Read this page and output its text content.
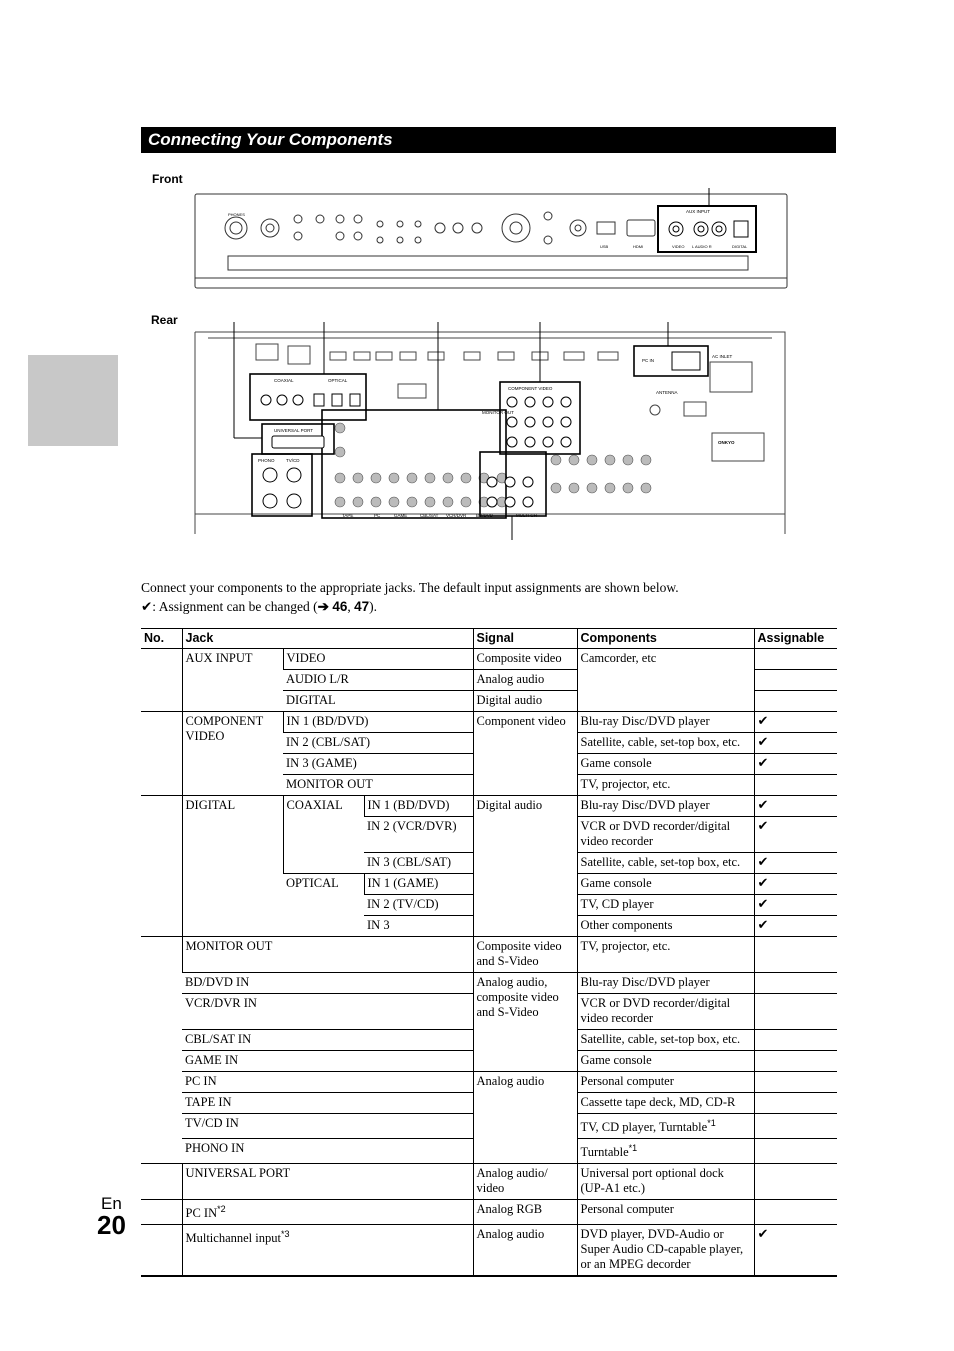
Connecting Your Components
Front
Rear
AUX INPUT
VIDEO L AUDIO R	DIGITAL
HDMI
USB
PHONES
PC IN
AC INLET
ANTENNA
COMPONENT VIDEO
COAXIAL	OPTICAL
UNIVERSAL PORT
PHONO	TV/CD
ONKYO
TAPE	PC	GAME	CBL/SAT VCR/DVR BD/DVD
MONITOR OUT
MULTI CH
Connect your components to the appropriate jacks. The default input assignments are shown below.
✔: Assignment can be changed (➔ 46, 47).
No.	Jack			Signal	Components	Assignable
	AUX INPUT	VIDEO		Composite video	Camcorder, etc	
		AUDIO L/R		Analog audio		
		DIGITAL		Digital audio		
	COMPONENT VIDEO	IN 1 (BD/DVD)		Component video	Blu-ray Disc/DVD player	✔
		IN 2 (CBL/SAT)			Satellite, cable, set-top box, etc.	✔
		IN 3 (GAME)			Game console	✔
		MONITOR OUT			TV, projector, etc.	
	DIGITAL	COAXIAL	IN 1 (BD/DVD)	Digital audio	Blu-ray Disc/DVD player	✔
			IN 2 (VCR/DVR)		VCR or DVD recorder/digital video recorder	✔
			IN 3 (CBL/SAT)		Satellite, cable, set-top box, etc.	✔
		OPTICAL	IN 1 (GAME)		Game console	✔
			IN 2 (TV/CD)		TV, CD player	✔
			IN 3		Other components	✔
	MONITOR OUT			Composite video and S-Video	TV, projector, etc.	
	BD/DVD IN			Analog audio, composite video and S-Video	Blu-ray Disc/DVD player	
	VCR/DVR IN				VCR or DVD recorder/digital video recorder	
	CBL/SAT IN				Satellite, cable, set-top box, etc.	
	GAME IN				Game console	
	PC IN			Analog audio	Personal computer	
	TAPE IN				Cassette tape deck, MD, CD-R	
	TV/CD IN				TV, CD player, Turntable$^{*1}$	
	PHONO IN				Turntable$^{*1}$	
	UNIVERSAL PORT			Analog audio/ video	Universal port optional dock (UP-A1 etc.)	
	PC IN$^{*2}$			Analog RGB	Personal computer	
	Multichannel input$^{*3}$			Analog audio	DVD player, DVD-Audio or Super Audio CD-capable player, or an MPEG decorder	✔
En
20
